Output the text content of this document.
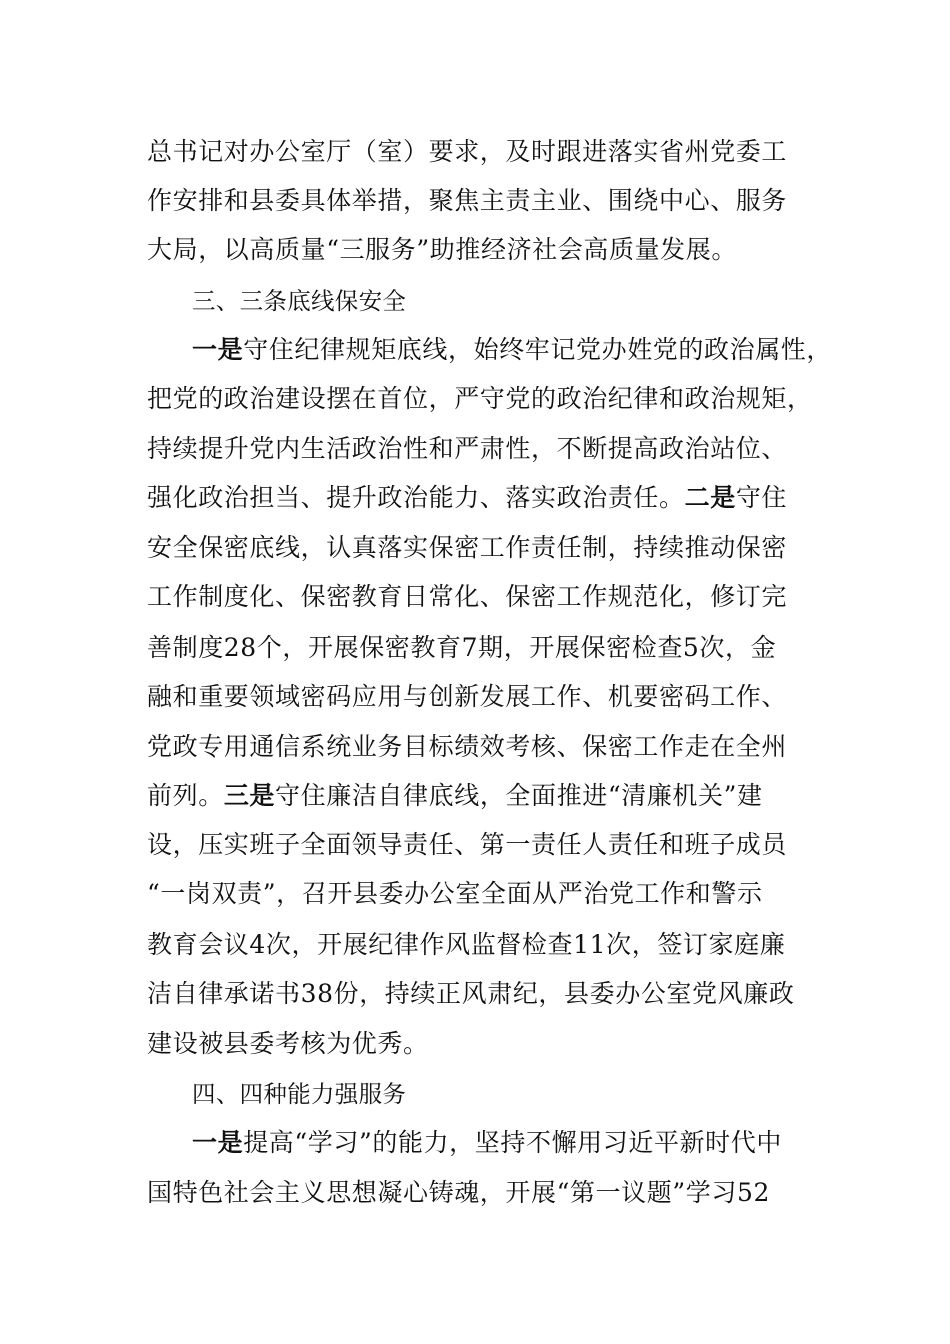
总书记对办公室厅（室）要求，及时跟进落实省州党委工
作安排和县委具体举措，聚焦主责主业、围绕中心、服务
大局，以高质量“三服务”助推经济社会高质量发展。
三、三条底线保安全
一是守住纪律规矩底线，始终牢记党办姓党的政治属性，
把党的政治建设摆在首位，严守党的政治纪律和政治规矩，
持续提升党内生活政治性和严肃性，不断提高政治站位、
强化政治担当、提升政治能力、落实政治责任。二是守住
安全保密底线，认真落实保密工作责任制，持续推动保密
工作制度化、保密教育日常化、保密工作规范化，修订完
善制度28个，开展保密教育7期，开展保密检查5次，金
融和重要领域密码应用与创新发展工作、机要密码工作、
党政专用通信系统业务目标绩效考核、保密工作走在全州
前列。三是守住廉洁自律底线，全面推进“清廉机关”建
设，压实班子全面领导责任、第一责任人责任和班子成员
“一岗双责”，召开县委办公室全面从严治党工作和警示
教育会议4次，开展纪律作风监督检查11次，签订家庭廉
洁自律承诺书38份，持续正风肃纪，县委办公室党风廉政
建设被县委考核为优秀。
四、四种能力强服务
一是提高“学习”的能力，坚持不懈用习近平新时代中
国特色社会主义思想凝心铸魂，开展“第一议题”学习52
